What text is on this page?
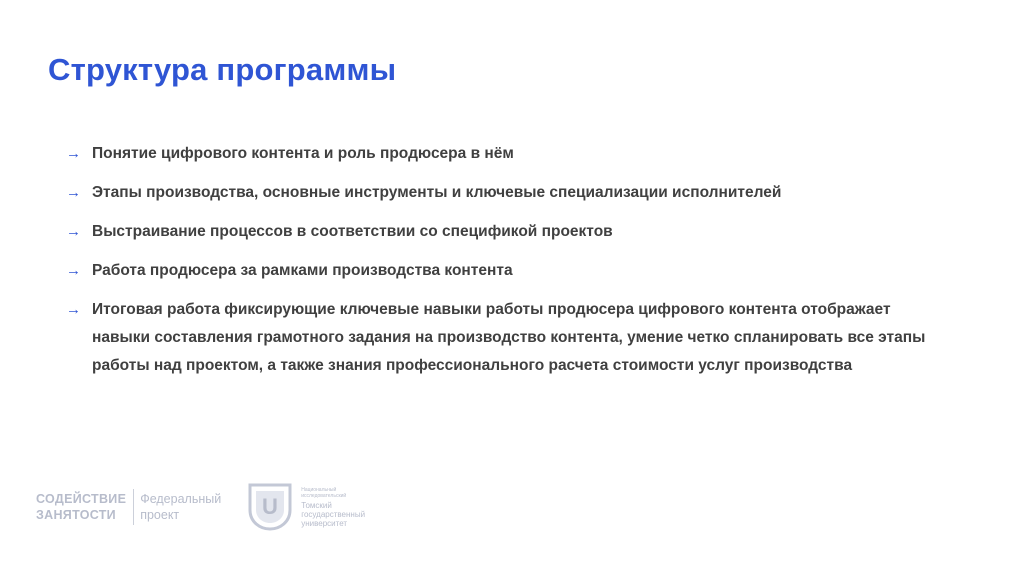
Структура программы
→ Понятие цифрового контента и роль продюсера в нём
→ Этапы производства, основные инструменты и ключевые специализации исполнителей
→ Выстраивание процессов в соответствии со спецификой проектов
→ Работа продюсера за рамками производства контента
→ Итоговая работа фиксирующие ключевые навыки работы продюсера цифрового контента отображает навыки составления грамотного задания на производство контента, умение четко спланировать все этапы работы над проектом, а также знания профессионального расчета стоимости услуг производства
СОДЕЙСТВИЕ
ЗАНЯТОСТИ
Федеральный
проект	U
Национальный
исследовательский
Томский
государственный
университет
